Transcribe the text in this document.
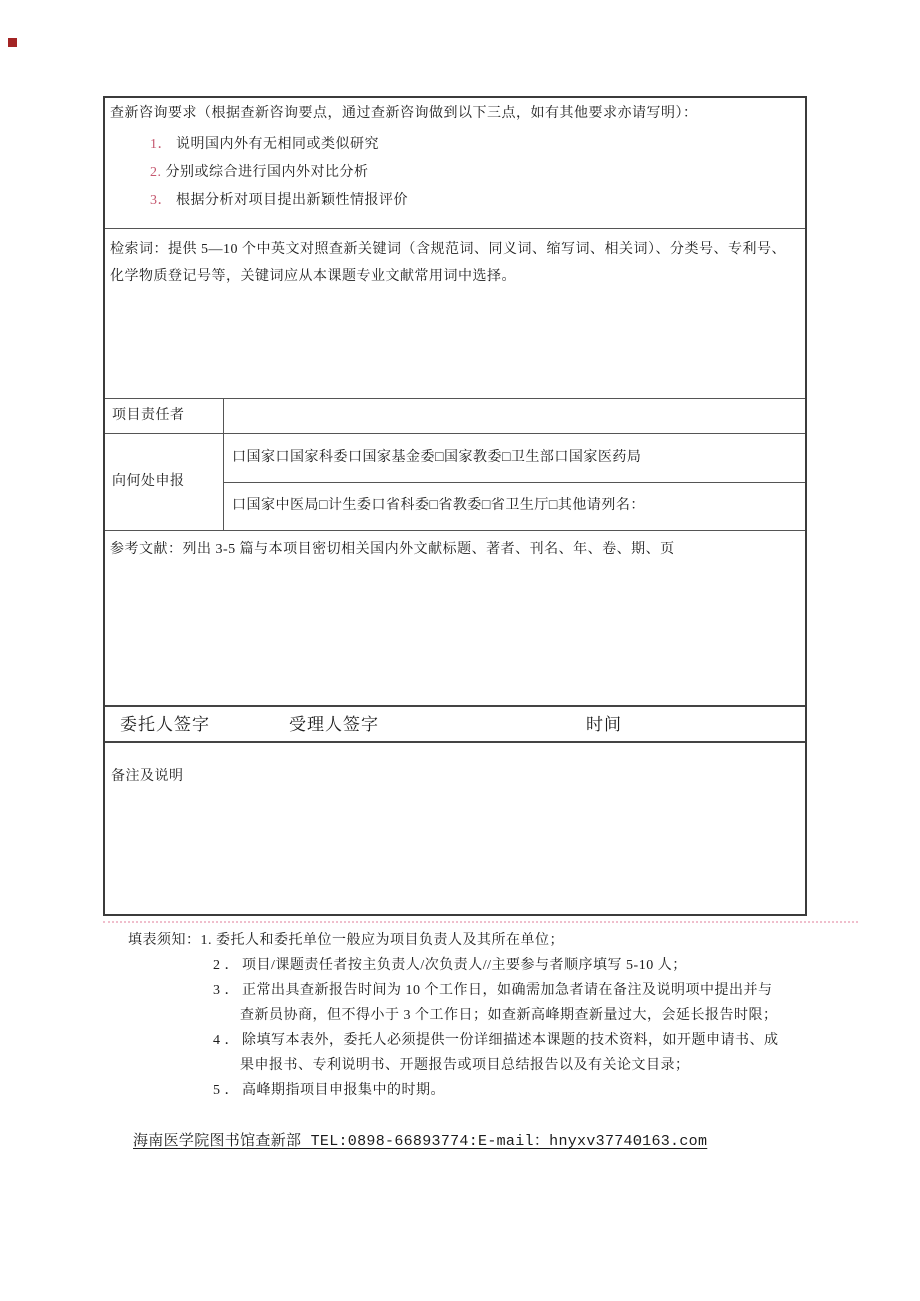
查新咨询要求（根据查新咨询要点，通过查新咨询做到以下三点，如有其他要求亦请写明）：
1． 说明国内外有无相同或类似研究
2. 分别或综合进行国内外对比分析
3． 根据分析对项目提出新颖性情报评价
检索词：提供 5—10 个中英文对照查新关键词（含规范词、同义词、缩写词、相关词）、分类号、专利号、化学物质登记号等，关键词应从本课题专业文献常用词中选择。
项目责任者
向何处申报
口国家口国家科委口国家基金委□国家教委□卫生部口国家医药局
口国家中医局□计生委口省科委□省教委□省卫生厅□其他请列名：
参考文献：列出 3-5 篇与本项目密切相关国内外文献标题、著者、刊名、年、卷、期、页
委托人签字	受理人签字	时间
备注及说明
填表须知：1. 委托人和委托单位一般应为项目负责人及其所在单位；
2 ． 项目/课题责任者按主负责人/次负责人//主要参与者顺序填写 5-10 人；
3 ． 正常出具查新报告时间为 10 个工作日，如确需加急者请在备注及说明项中提出并与
查新员协商，但不得小于 3 个工作日；如查新高峰期查新量过大，会延长报告时限；
4 ． 除填写本表外，委托人必须提供一份详细描述本课题的技术资料，如开题申请书、成
果申报书、专利说明书、开题报告或项目总结报告以及有关论文目录；
5 ． 高峰期指项目申报集中的时期。
海南医学院图书馆查新部 TEL:0898-66893774:E-mail：hnyxv3774Θ163.com
